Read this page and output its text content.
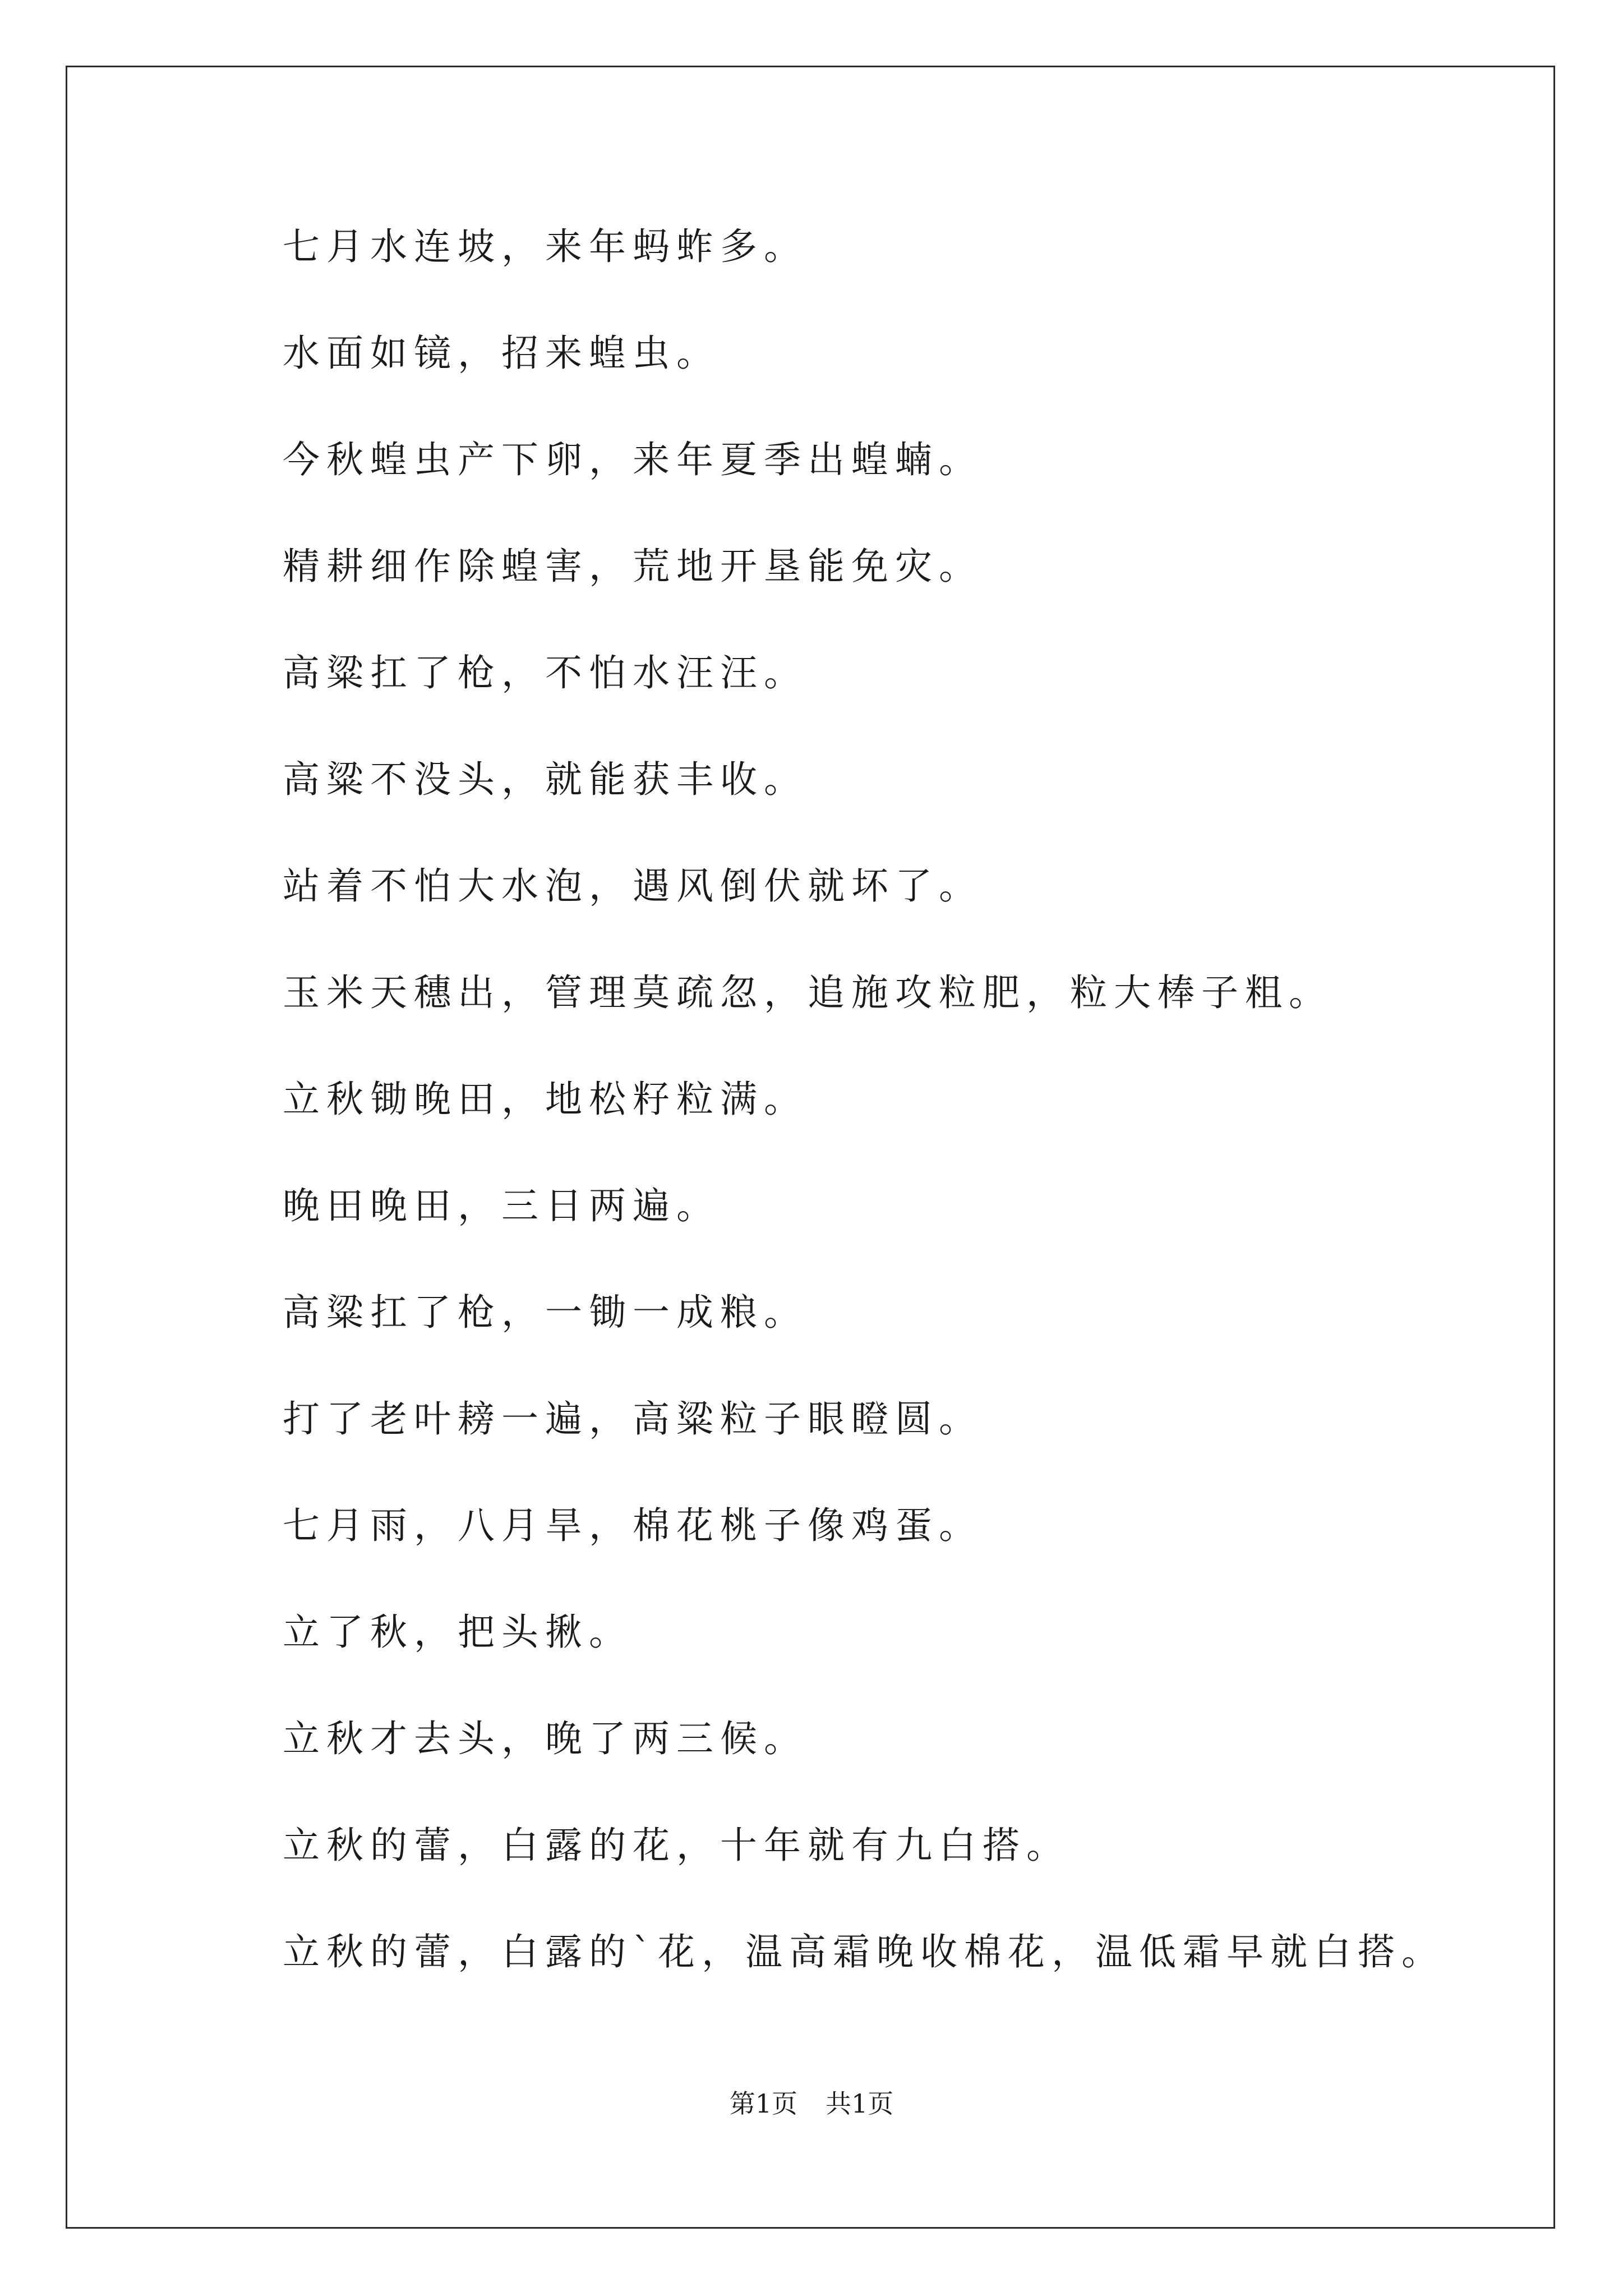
七月水连坡，来年蚂蚱多。
水面如镜，招来蝗虫。
今秋蝗虫产下卵，来年夏季出蝗蝻。
精耕细作除蝗害，荒地开垦能免灾。
高粱扛了枪，不怕水汪汪。
高粱不没头，就能获丰收。
站着不怕大水泡，遇风倒伏就坏了。
玉米天穗出，管理莫疏忽，追施攻粒肥，粒大棒子粗。
立秋锄晚田，地松籽粒满。
晚田晚田，三日两遍。
高粱扛了枪，一锄一成粮。
打了老叶耪一遍，高粱粒子眼瞪圆。
七月雨，八月旱，棉花桃子像鸡蛋。
立了秋，把头揪。
立秋才去头，晚了两三候。
立秋的蕾，白露的花，十年就有九白搭。
立秋的蕾，白露的`花，温高霜晚收棉花，温低霜早就白搭。
第1页 共1页
